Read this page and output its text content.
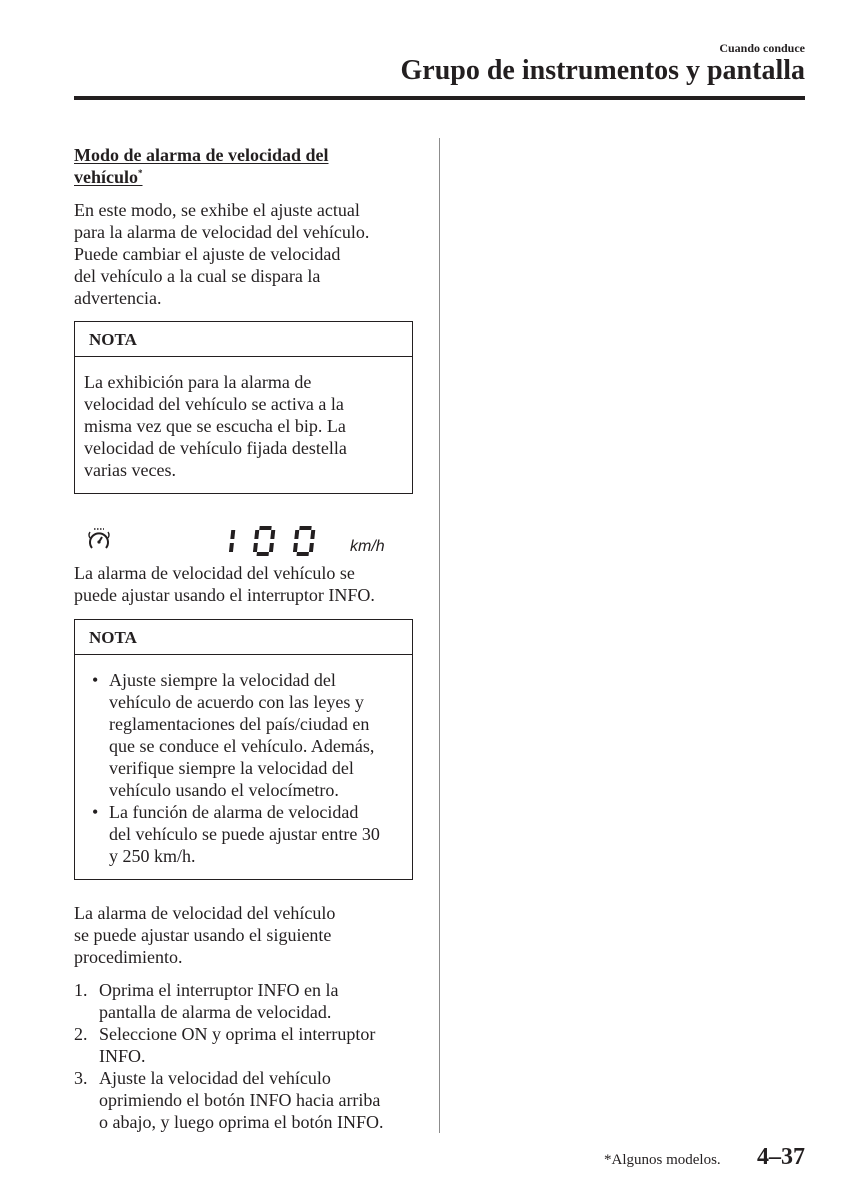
Cuando conduce
Grupo de instrumentos y pantalla
Modo de alarma de velocidad del vehículo*
En este modo, se exhibe el ajuste actual
para la alarma de velocidad del vehículo.
Puede cambiar el ajuste de velocidad
del vehículo a la cual se dispara la
advertencia.
NOTA
La exhibición para la alarma de
velocidad del vehículo se activa a la
misma vez que se escucha el bip. La
velocidad de vehículo fijada destella
varias veces.
km/h
La alarma de velocidad del vehículo se
puede ajustar usando el interruptor INFO.
NOTA
• Ajuste siempre la velocidad del
vehículo de acuerdo con las leyes y
reglamentaciones del país/ciudad en
que se conduce el vehículo. Además,
verifique siempre la velocidad del
vehículo usando el velocímetro.
• La función de alarma de velocidad
del vehículo se puede ajustar entre 30
y 250 km/h.
La alarma de velocidad del vehículo
se puede ajustar usando el siguiente
procedimiento.
1. Oprima el interruptor INFO en la
pantalla de alarma de velocidad.
2. Seleccione ON y oprima el interruptor
INFO.
3. Ajuste la velocidad del vehículo
oprimiendo el botón INFO hacia arriba
o abajo, y luego oprima el botón INFO.
*Algunos modelos. 4–37
